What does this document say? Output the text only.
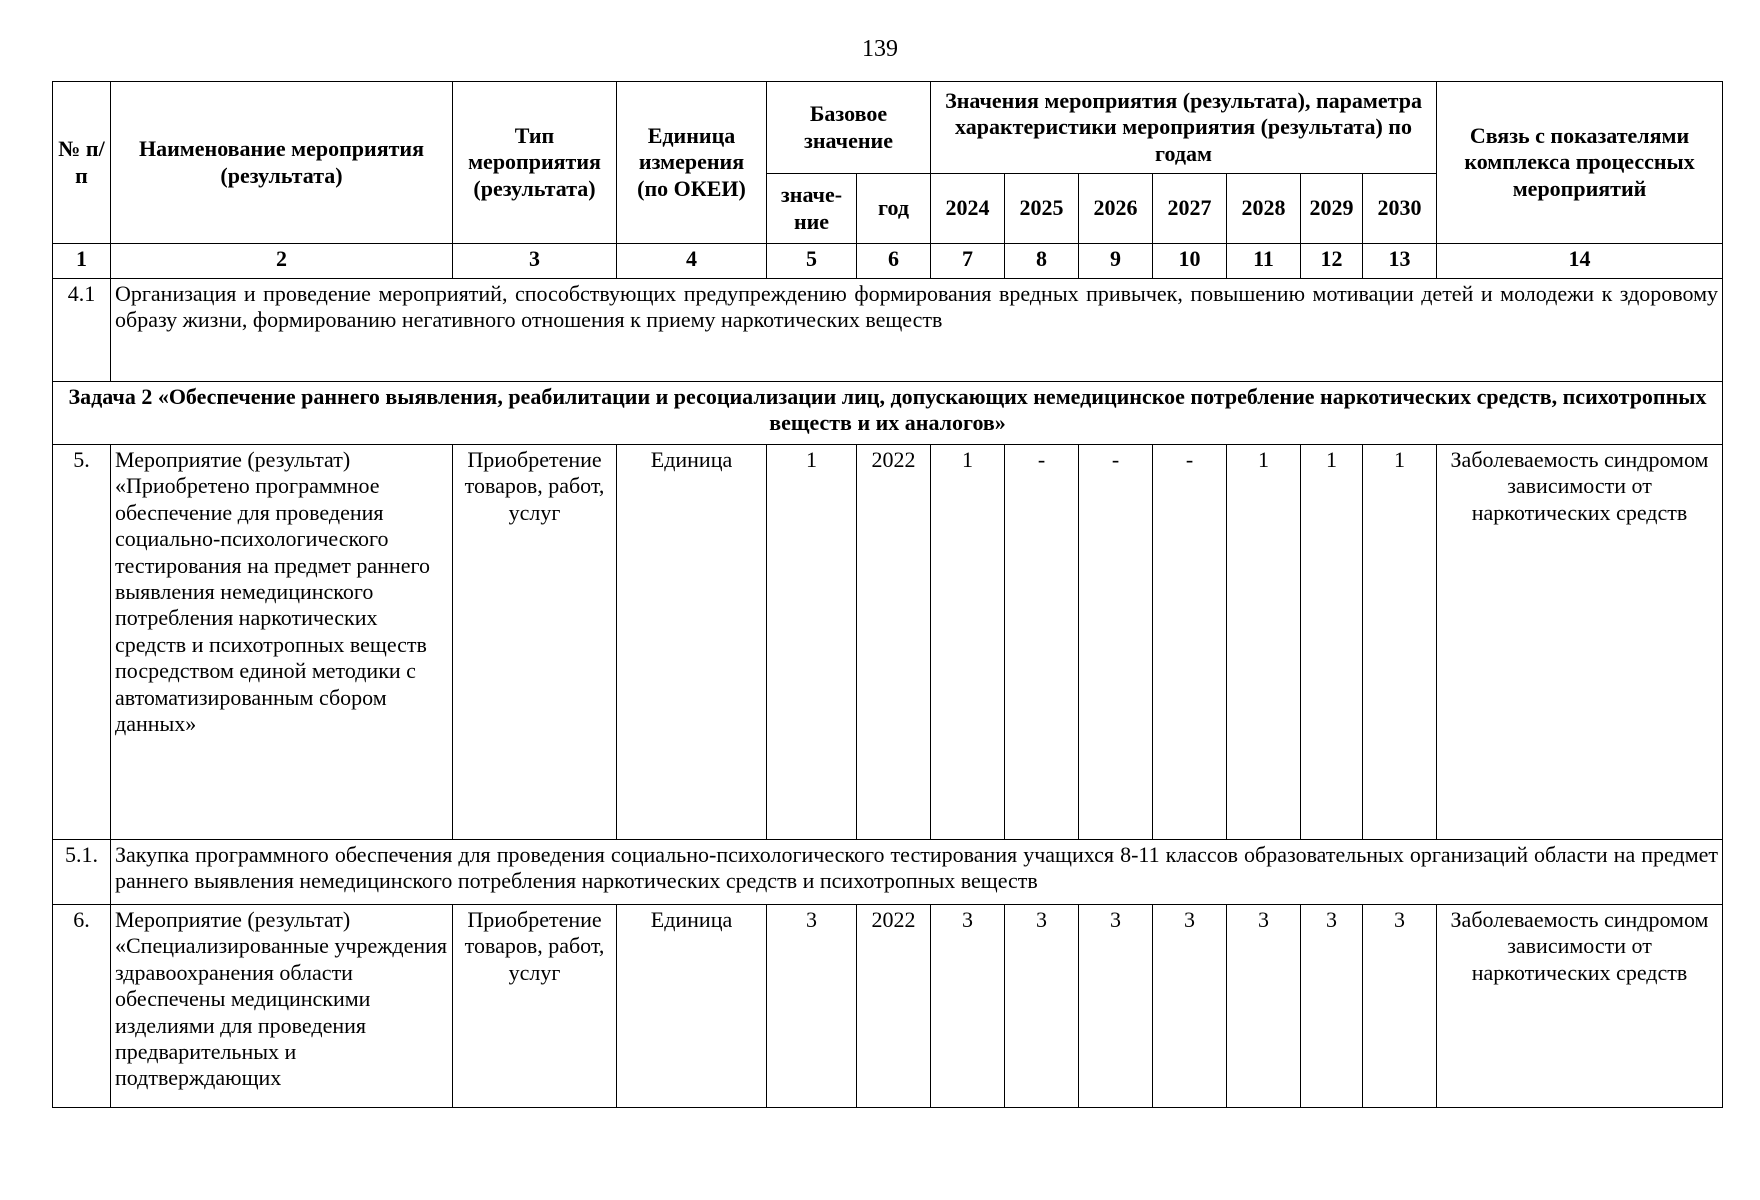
139
№ п/п	Наименование мероприятия (результата)	Тип мероприятия (результата)	Единица измерения (по ОКЕИ)	Базовое значение		Значения мероприятия (результата), параметра характеристики мероприятия (результата) по годам							Связь с показателями комплекса процессных мероприятий
				значе-ние	год	2024	2025	2026	2027	2028	2029	2030	
1	2	3	4	5	6	7	8	9	10	11	12	13	14
4.1	Организация и проведение мероприятий, способствующих предупреждению формирования вредных привычек, повышению мотивации детей и молодежи к здоровому образу жизни, формированию негативного отношения к приему наркотических веществ												
Задача 2 «Обеспечение раннего выявления, реабилитации и ресоциализации лиц, допускающих немедицинское потребление наркотических средств, психотропных веществ и их аналогов»													
5.	Мероприятие (результат) «Приобретено программное обеспечение для проведения социально-психологического тестирования на предмет раннего выявления немедицинского потребления наркотических средств и психотропных веществ посредством единой методики с автоматизированным сбором данных»	Приобретение товаров, работ, услуг	Единица	1	2022	1	-	-	-	1	1	1	Заболеваемость синдромом зависимости от наркотических средств
5.1.	Закупка программного обеспечения для проведения социально-психологического тестирования учащихся 8-11 классов образовательных организаций области на предмет раннего выявления немедицинского потребления наркотических средств и психотропных веществ												
6.	Мероприятие (результат) «Специализированные учреждения здравоохранения области обеспечены медицинскими изделиями для проведения предварительных и подтверждающих	Приобретение товаров, работ, услуг	Единица	3	2022	3	3	3	3	3	3	3	Заболеваемость синдромом зависимости от наркотических средств
